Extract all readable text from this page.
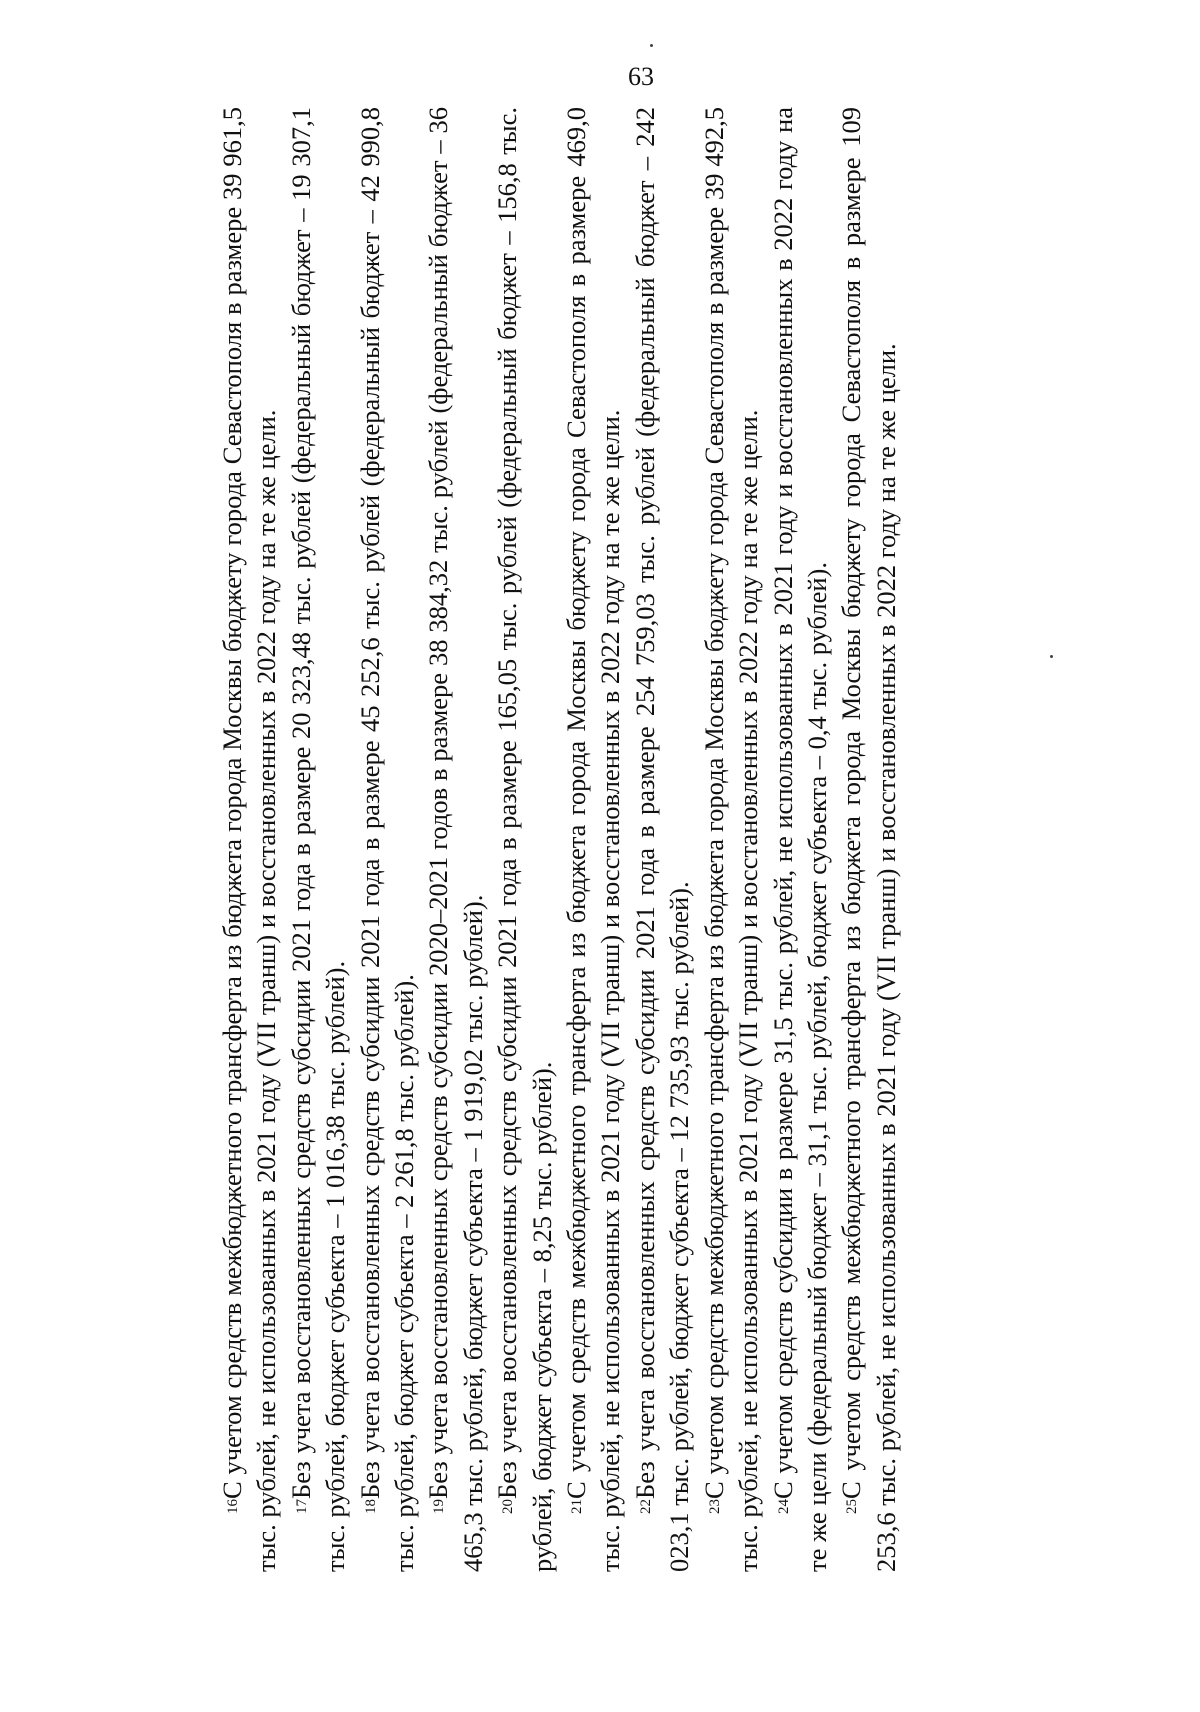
63

$^{16}$С учетом средств межбюджетного трансферта из бюджета города Москвы бюджету города Севастополя в размере 39 961,5 тыс. рублей, не использованных в 2021 году (VII транш) и восстановленных в 2022 году на те же цели. $^{17}$Без учета восстановленных средств субсидии 2021 года в размере 20 323,48 тыс. рублей (федеральный бюджет – 19 307,1 тыс. рублей, бюджет субъекта – 1 016,38 тыс. рублей). $^{18}$Без учета восстановленных средств субсидии 2021 года в размере 45 252,6 тыс. рублей (федеральный бюджет – 42 990,8 тыс. рублей, бюджет субъекта – 2 261,8 тыс. рублей). $^{19}$Без учета восстановленных средств субсидии 2020–2021 годов в размере 38 384,32 тыс. рублей (федеральный бюджет – 36 465,3 тыс. рублей, бюджет субъекта – 1 919,02 тыс. рублей). $^{20}$Без учета восстановленных средств субсидии 2021 года в размере 165,05 тыс. рублей (федеральный бюджет – 156,8 тыс. рублей, бюджет субъекта – 8,25 тыс. рублей). $^{21}$С учетом средств межбюджетного трансферта из бюджета города Москвы бюджету города Севастополя в размере 469,0 тыс. рублей, не использованных в 2021 году (VII транш) и восстановленных в 2022 году на те же цели. $^{22}$Без учета восстановленных средств субсидии 2021 года в размере 254 759,03 тыс. рублей (федеральный бюджет – 242 023,1 тыс. рублей, бюджет субъекта – 12 735,93 тыс. рублей). $^{23}$С учетом средств межбюджетного трансферта из бюджета города Москвы бюджету города Севастополя в размере 39 492,5 тыс. рублей, не использованных в 2021 году (VII транш) и восстановленных в 2022 году на те же цели. $^{24}$С учетом средств субсидии в размере 31,5 тыс. рублей, не использованных в 2021 году и восстановленных в 2022 году на те же цели (федеральный бюджет – 31,1 тыс. рублей, бюджет субъекта – 0,4 тыс. рублей). $^{25}$С учетом средств межбюджетного трансферта из бюджета города Москвы бюджету города Севастополя в размере 109 253,6 тыс. рублей, не использованных в 2021 году (VII транш) и восстановленных в 2022 году на те же цели.
